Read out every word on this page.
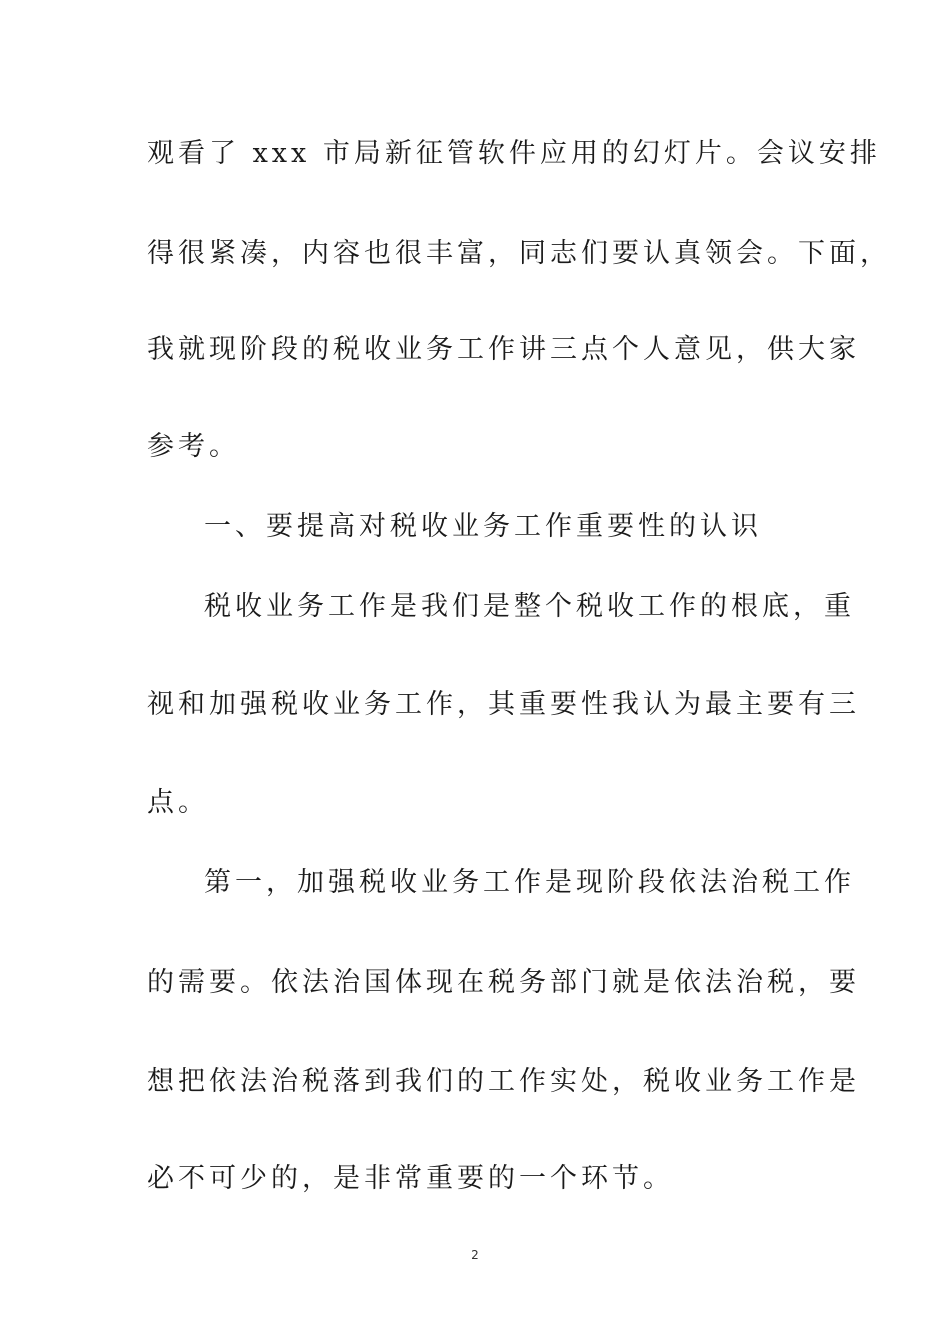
观看了 xxx 市局新征管软件应用的幻灯片。会议安排
得很紧凑，内容也很丰富，同志们要认真领会。下面，
我就现阶段的税收业务工作讲三点个人意见，供大家
参考。
一、要提高对税收业务工作重要性的认识
税收业务工作是我们是整个税收工作的根底，重
视和加强税收业务工作，其重要性我认为最主要有三
点。
第一，加强税收业务工作是现阶段依法治税工作
的需要。依法治国体现在税务部门就是依法治税，要
想把依法治税落到我们的工作实处，税收业务工作是
必不可少的，是非常重要的一个环节。
2
